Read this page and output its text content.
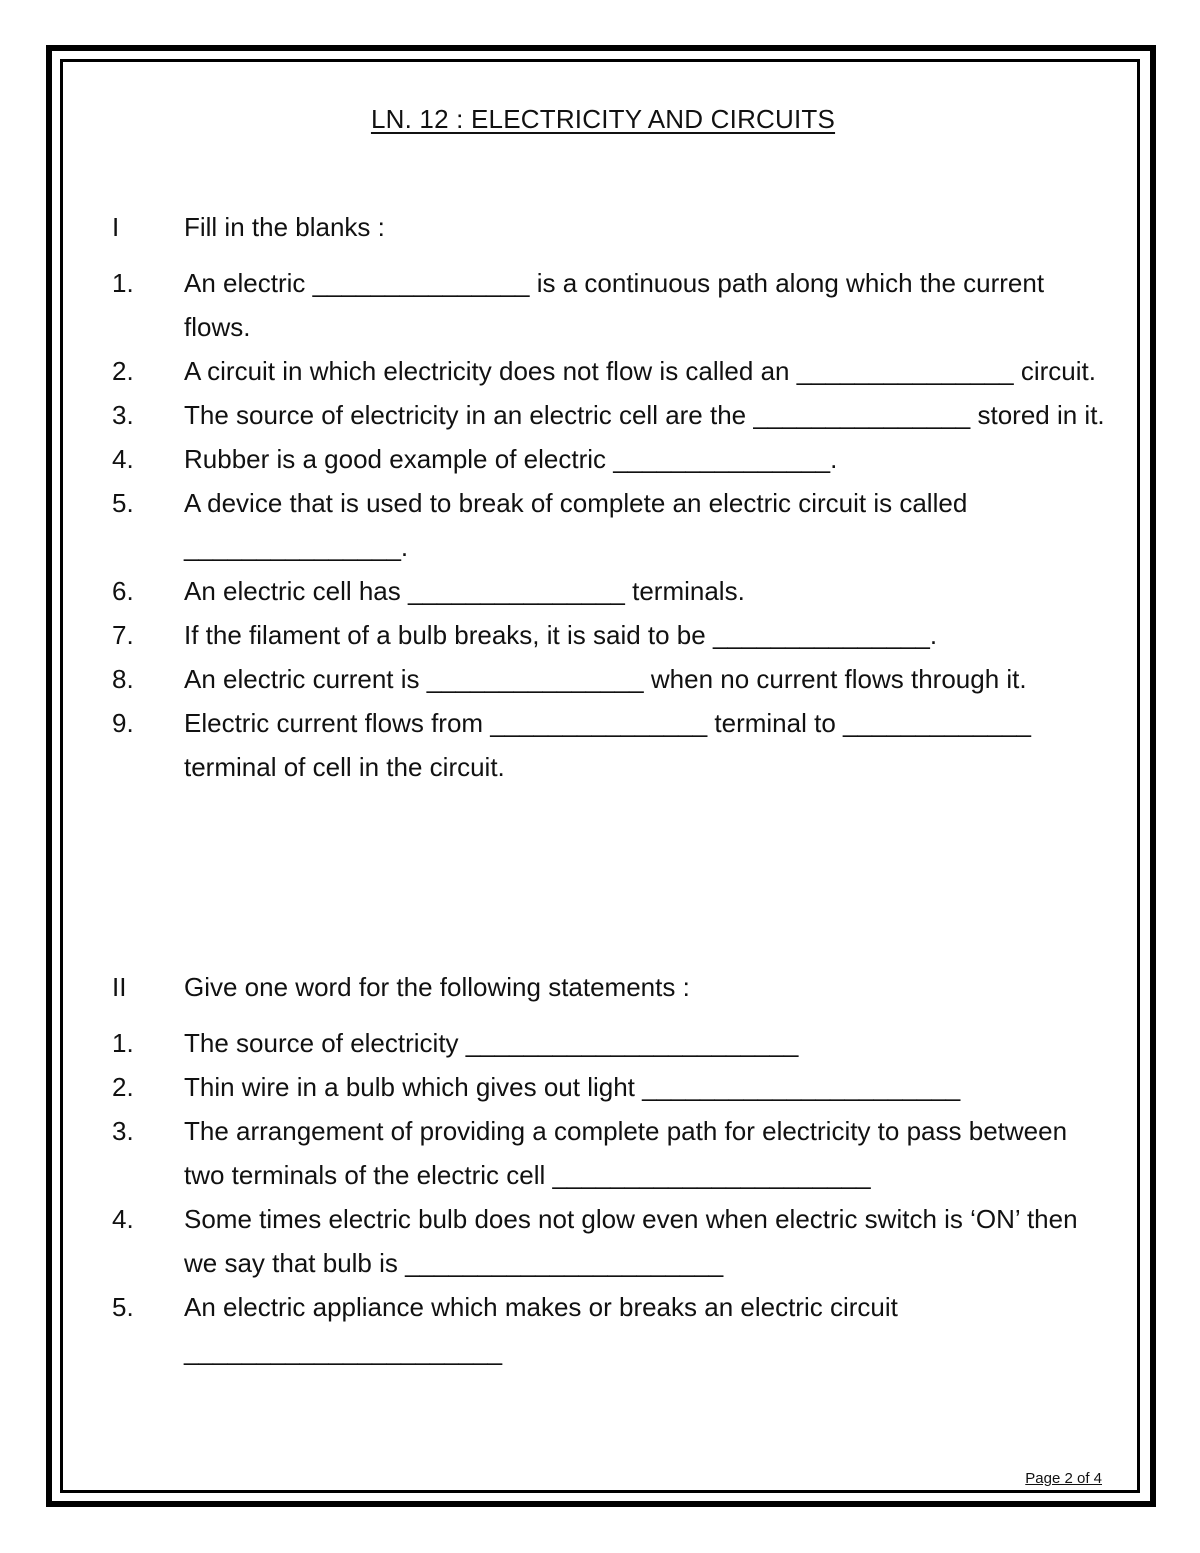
LN. 12 : ELECTRICITY AND CIRCUITS
I	Fill in the blanks :
1.	An electric _______________ is a continuous path along which the current flows.
2.	A circuit in which electricity does not flow is called an _______________ circuit.
3.	The source of electricity in an electric cell are the _______________ stored in it.
4.	Rubber is a good example of electric _______________.
5.	A device that is used to break of complete an electric circuit is called _______________.
6.	An electric cell has _______________ terminals.
7.	If the filament of a bulb breaks, it is said to be _______________.
8.	An electric current is _______________ when no current flows through it.
9.	Electric current flows from _______________ terminal to _____________ terminal of cell in the circuit.
II	Give one word for the following statements :
1.	The source of electricity _______________________
2.	Thin wire in a bulb which gives out light ______________________
3.	The arrangement of providing a complete path for electricity to pass between two terminals of the electric cell ______________________
4.	Some times electric bulb does not glow even when electric switch is ‘ON’ then we say that bulb is ______________________
5.	An electric appliance which makes or breaks an electric circuit ______________________
Page 2 of 4
